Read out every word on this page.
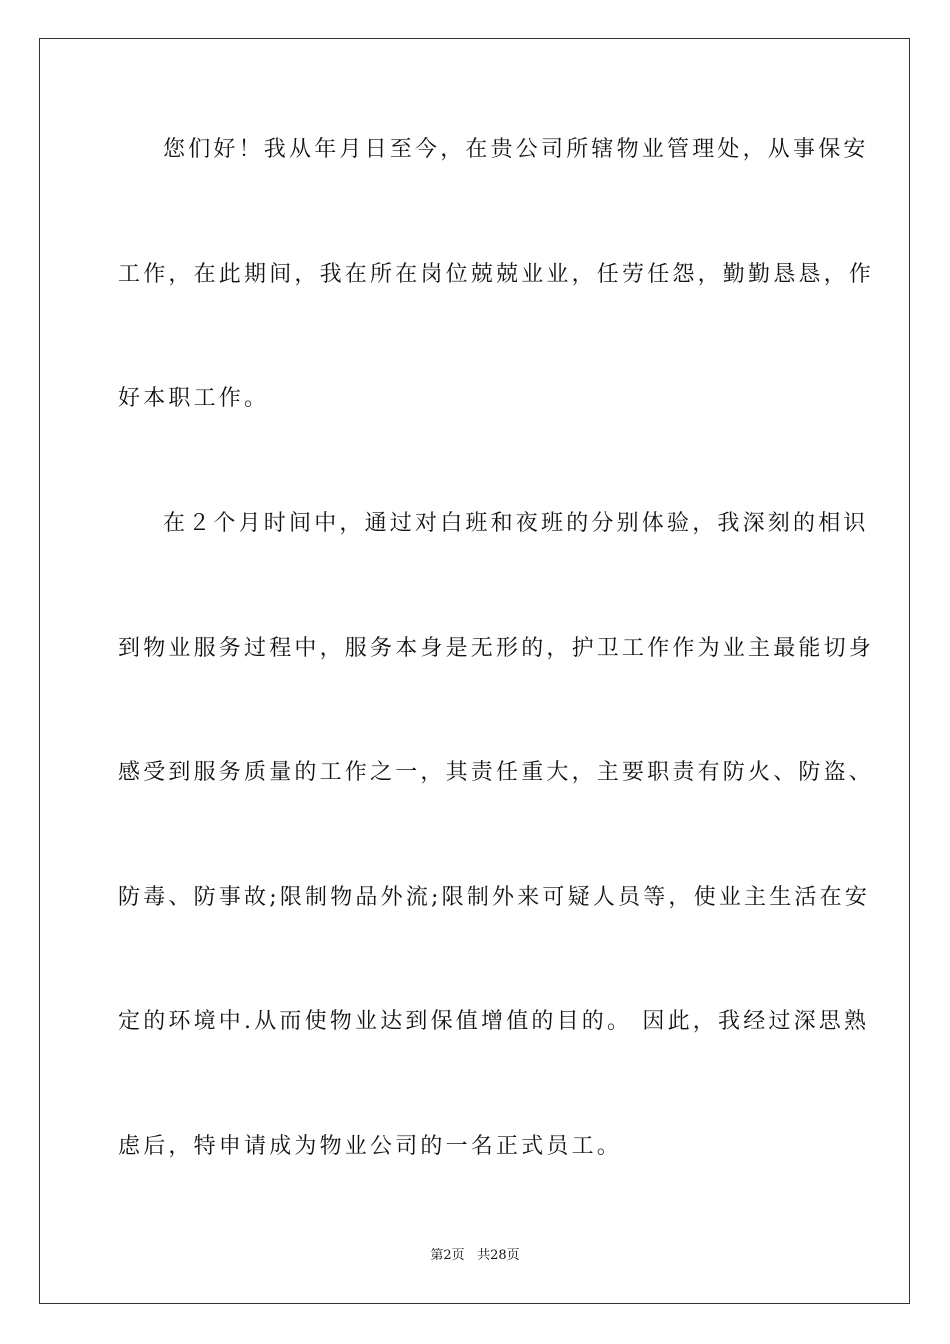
您们好！我从年月日至今，在贵公司所辖物业管理处，从事保安
工作，在此期间，我在所在岗位兢兢业业，任劳任怨，勤勤恳恳，作
好本职工作。
在２个月时间中，通过对白班和夜班的分别体验，我深刻的相识
到物业服务过程中，服务本身是无形的，护卫工作作为业主最能切身
感受到服务质量的工作之一，其责任重大，主要职责有防火、防盗、
防毒、防事故;限制物品外流;限制外来可疑人员等，使业主生活在安
定的环境中.从而使物业达到保值增值的目的。 因此，我经过深思熟
虑后，特申请成为物业公司的一名正式员工。
第2页 共28页
